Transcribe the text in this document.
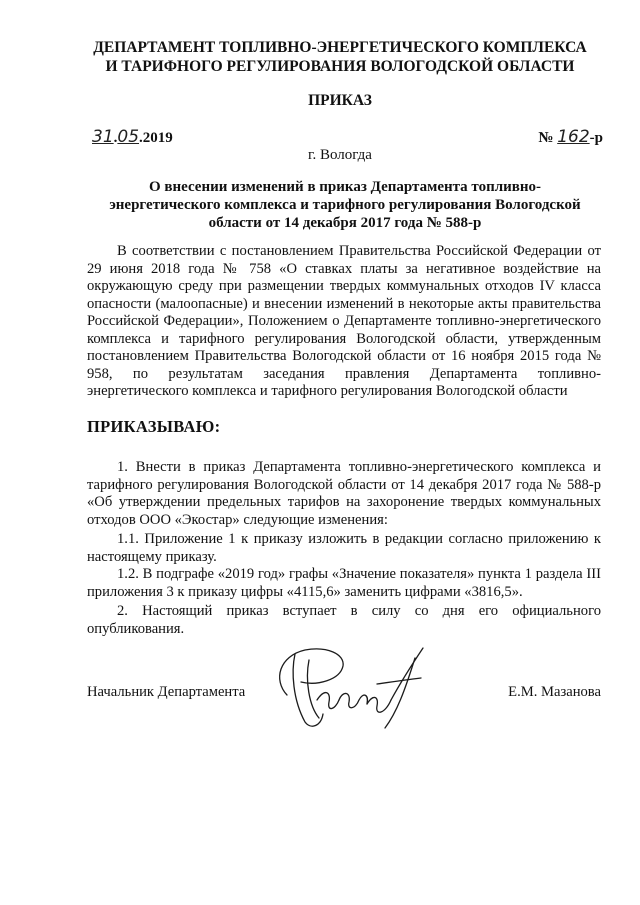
ДЕПАРТАМЕНТ ТОПЛИВНО-ЭНЕРГЕТИЧЕСКОГО КОМПЛЕКСА
И ТАРИФНОГО РЕГУЛИРОВАНИЯ ВОЛОГОДСКОЙ ОБЛАСТИ
ПРИКАЗ
31.05.2019	№ 162-р
г. Вологда
О внесении изменений в приказ Департамента топливно-
энергетического комплекса и тарифного регулирования Вологодской
области от 14 декабря 2017 года № 588-р
В соответствии с постановлением Правительства Российской Федерации от 29 июня 2018 года № 758 «О ставках платы за негативное воздействие на окружающую среду при размещении твердых коммунальных отходов IV класса опасности (малоопасные) и внесении изменений в некоторые акты правительства Российской Федерации», Положением о Департаменте топливно-энергетического комплекса и тарифного регулирования Вологодской области, утвержденным постановлением Правительства Вологодской области от 16 ноября 2015 года № 958, по результатам заседания правления Департамента топливно-энергетического комплекса и тарифного регулирования Вологодской области
ПРИКАЗЫВАЮ:

1. Внести в приказ Департамента топливно-энергетического комплекса и тарифного регулирования Вологодской области от 14 декабря 2017 года № 588-р «Об утверждении предельных тарифов на захоронение твердых коммунальных отходов ООО «Экостар» следующие изменения:

1.1. Приложение 1 к приказу изложить в редакции согласно приложению к настоящему приказу.

1.2. В подграфе «2019 год» графы «Значение показателя» пункта 1 раздела III приложения 3 к приказу цифры «4115,6» заменить цифрами «3816,5».

2. Настоящий приказ вступает в силу со дня его официального опубликования.

Начальник Департамента	Е.М. Мазанова
